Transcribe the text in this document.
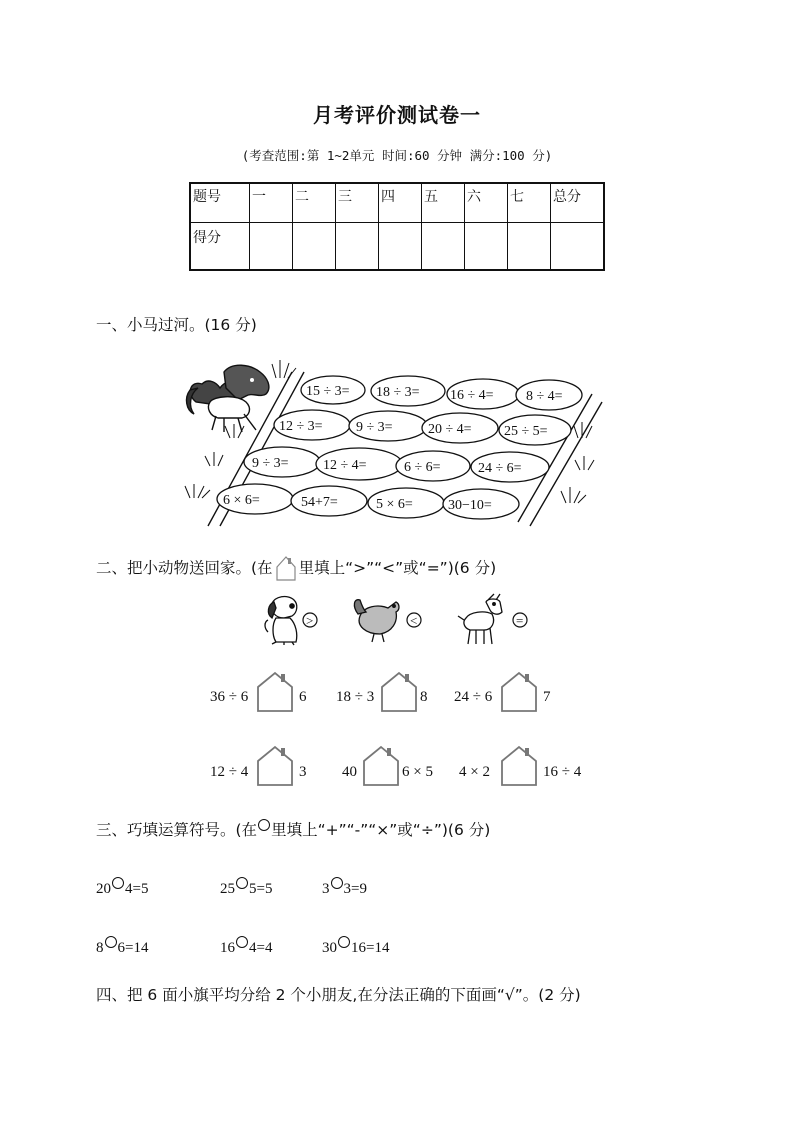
月考评价测试卷一
(考查范围:第 1~2单元 时间:60 分钟 满分:100 分)
题号	一	二	三	四	五	六	七	总分
得分								
一、小马过河。(16 分)
15 ÷ 3= 18 ÷ 3= 16 ÷ 4= 8 ÷ 4=
12 ÷ 3= 9 ÷ 3=	20 ÷ 4= 25 ÷ 5=
9 ÷ 3= 12 ÷ 4=	6 ÷ 6=	24 ÷ 6=
6 × 6=	54+7=	5 × 6=	30−10=
二、把小动物送回家。(在 里填上“>”“<”或“=”)(6 分)
>	<	=
36 ÷ 6	6 18 ÷ 3	8 24 ÷ 6	7
12 ÷ 4	3 40	6 × 5 4 × 2	16 ÷ 4
三、巧填运算符号。(在 里填上“+”“-”“×”或“÷”)(6 分)
20 4=5	25 5=5	3 3=9
8 6=14	16 4=4	30 16=14
四、把 6 面小旗平均分给 2 个小朋友,在分法正确的下面画“√”。(2 分)
